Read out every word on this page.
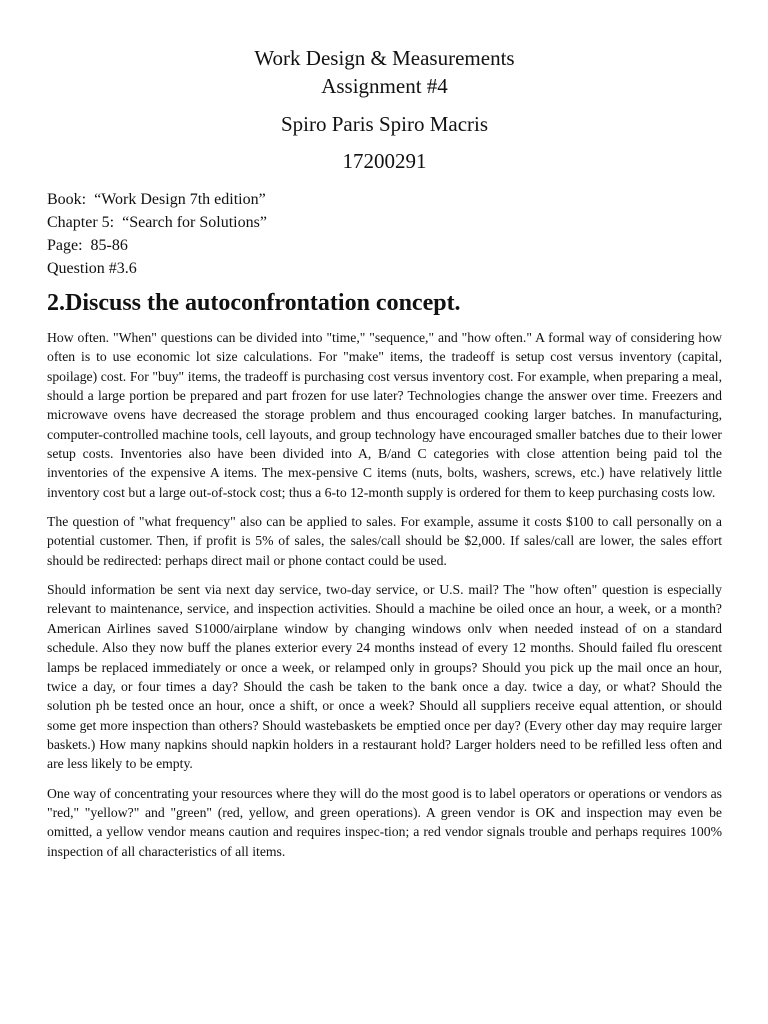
Work Design & Measurements
Assignment #4
Spiro Paris Spiro Macris
17200291
Book:  “Work Design 7th edition”
Chapter 5:  “Search for Solutions”
Page:  85-86
Question #3.6
2.Discuss the autoconfrontation concept.

How often. "When" questions can be divided into "time," "sequence," and "how often." A formal way of considering how often is to use economic lot size calculations. For "make" items, the tradeoff is setup cost versus inventory (capital, spoilage) cost. For "buy" items, the tradeoff is purchasing cost versus inventory cost. For example, when preparing a meal, should a large portion be prepared and part frozen for use later? Technologies change the answer over time. Freezers and microwave ovens have decreased the storage problem and thus encouraged cooking larger batches. In manufacturing, computer-controlled machine tools, cell layouts, and group technology have encouraged smaller batches due to their lower setup costs. Inventories also have been divided into A, B/and C categories with close attention being paid tol the inventories of the expensive A items. The mex-pensive C items (nuts, bolts, washers, screws, etc.) have relatively little inventory cost but a large out-of-stock cost; thus a 6-to 12-month supply is ordered for them to keep purchasing costs low.

The question of "what frequency" also can be applied to sales. For example, assume it costs $100 to call personally on a potential customer. Then, if profit is 5% of sales, the sales/call should be $2,000. If sales/call are lower, the sales effort should be redirected: perhaps direct mail or phone contact could be used.

Should information be sent via next day service, two-day service, or U.S. mail? The "how often" question is especially relevant to maintenance, service, and inspection activities. Should a machine be oiled once an hour, a week, or a month? American Airlines saved S1000/airplane window by changing windows onlv when needed instead of on a standard schedule. Also they now buff the planes exterior every 24 months instead of every 12 months. Should failed flu orescent lamps be replaced immediately or once a week, or relamped only in groups? Should you pick up the mail once an hour, twice a day, or four times a day? Should the cash be taken to the bank once a day. twice a day, or what? Should the solution ph be tested once an hour, once a shift, or once a week? Should all suppliers receive equal attention, or should some get more inspection than others? Should wastebaskets be emptied once per day? (Every other day may require larger baskets.) How many napkins should napkin holders in a restaurant hold? Larger holders need to be refilled less often and are less likely to be empty.

One way of concentrating your resources where they will do the most good is to label operators or operations or vendors as "red," "yellow?" and "green" (red, yellow, and green operations). A green vendor is OK and inspection may even be omitted, a yellow vendor means caution and requires inspec-tion; a red vendor signals trouble and perhaps requires 100% inspection of all characteristics of all items.
